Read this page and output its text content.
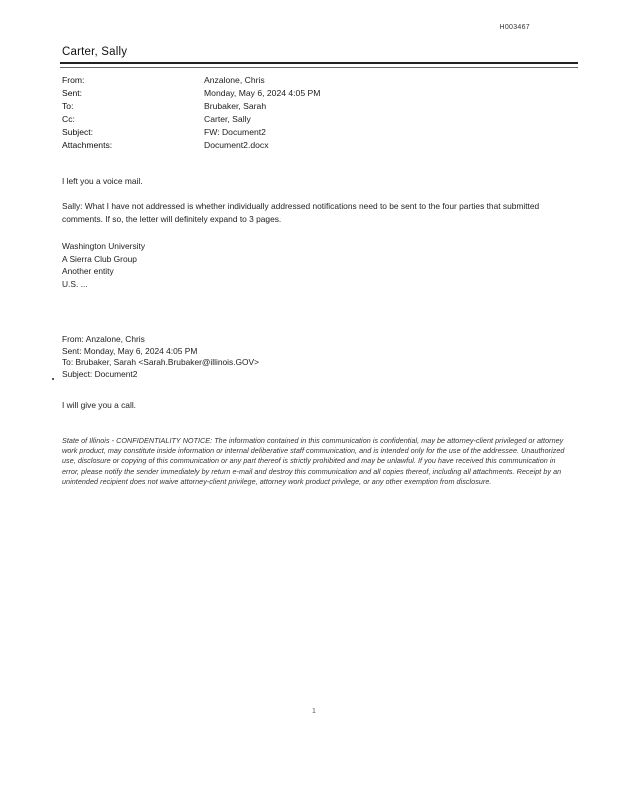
H003467
Carter, Sally
From:	Anzalone, Chris
Sent:	Monday, May 6, 2024 4:05 PM
To:	Brubaker, Sarah
Cc:	Carter, Sally
Subject:	FW: Document2
Attachments:	Document2.docx
I left you a voice mail.
Sally: What I have not addressed is whether individually addressed notifications need to be sent to the four parties that submitted comments. If so, the letter will definitely expand to 3 pages.
Washington University
A Sierra Club Group
Another entity
U.S. ...
From: Anzalone, Chris
Sent: Monday, May 6, 2024 4:05 PM
To: Brubaker, Sarah <Sarah.Brubaker@illinois.GOV>
Subject: Document2
I will give you a call.
State of Illinois - CONFIDENTIALITY NOTICE: The information contained in this communication is confidential, may be attorney-client privileged or attorney work product, may constitute inside information or internal deliberative staff communication, and is intended only for the use of the addressee. Unauthorized use, disclosure or copying of this communication or any part thereof is strictly prohibited and may be unlawful. If you have received this communication in error, please notify the sender immediately by return e-mail and destroy this communication and all copies thereof, including all attachments. Receipt by an unintended recipient does not waive attorney-client privilege, attorney work product privilege, or any other exemption from disclosure.
1
